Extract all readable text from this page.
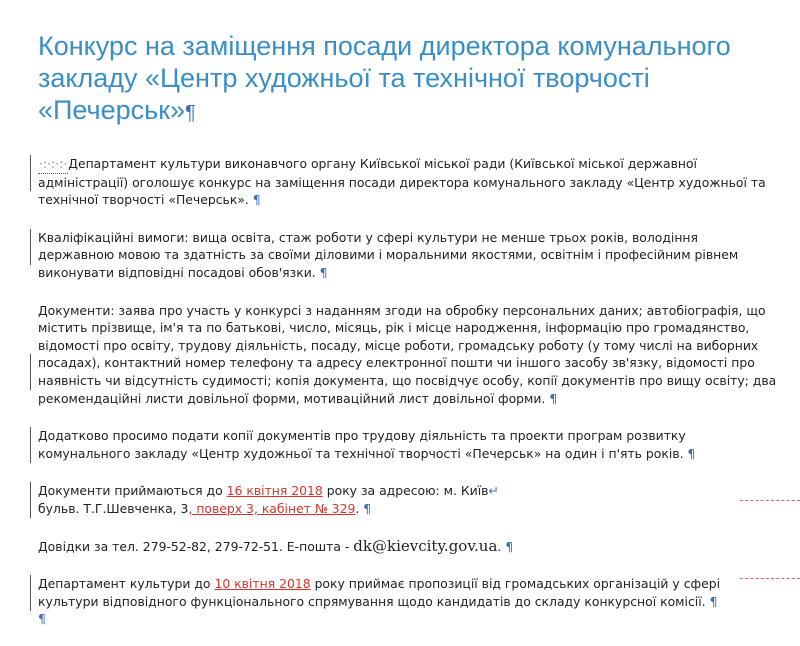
Конкурс на заміщення посади директора комунального закладу «Центр художньої та технічної творчості «Печерськ»¶

·:·:·:·Департамент культури виконавчого органу Київської міської ради (Київської міської державної адміністрації) оголошує конкурс на заміщення посади директора комунального закладу «Центр художньої та технічної творчості «Печерськ». ¶

Кваліфікаційні вимоги: вища освіта, стаж роботи у сфері культури не менше трьох років, володіння державною мовою та здатність за своїми діловими і моральними якостями, освітнім і професійним рівнем виконувати відповідні посадові обов'язки. ¶

Документи: заява про участь у конкурсі з наданням згоди на обробку персональних даних; автобіографія, що містить прізвище, ім'я та по батькові, число, місяць, рік і місце народження, інформацію про громадянство, відомості про освіту, трудову діяльність, посаду, місце роботи, громадську роботу (у тому числі на виборних посадах), контактний номер телефону та адресу електронної пошти чи іншого засобу зв'язку, відомості про наявність чи відсутність судимості; копія документа, що посвідчує особу, копії документів про вищу освіту; два рекомендаційні листи довільної форми, мотиваційний лист довільної форми. ¶

Додатково просимо подати копії документів про трудову діяльність та проекти програм розвитку комунального закладу «Центр художньої та технічної творчості «Печерськ» на один і п'ять років. ¶

Документи приймаються до 16 квітня 2018 року за адресою: м. Київ↵
бульв. Т.Г.Шевченка, 3, поверх 3, кабінет № 329. ¶

Довідки за тел. 279-52-82, 279-72-51. E-пошта - dk@kievcity.gov.ua. ¶

Департамент культури до 10 квітня 2018 року приймає пропозиції від громадських організацій у сфері культури відповідного функціонального спрямування щодо кандидатів до складу конкурсної комісії. ¶
¶
